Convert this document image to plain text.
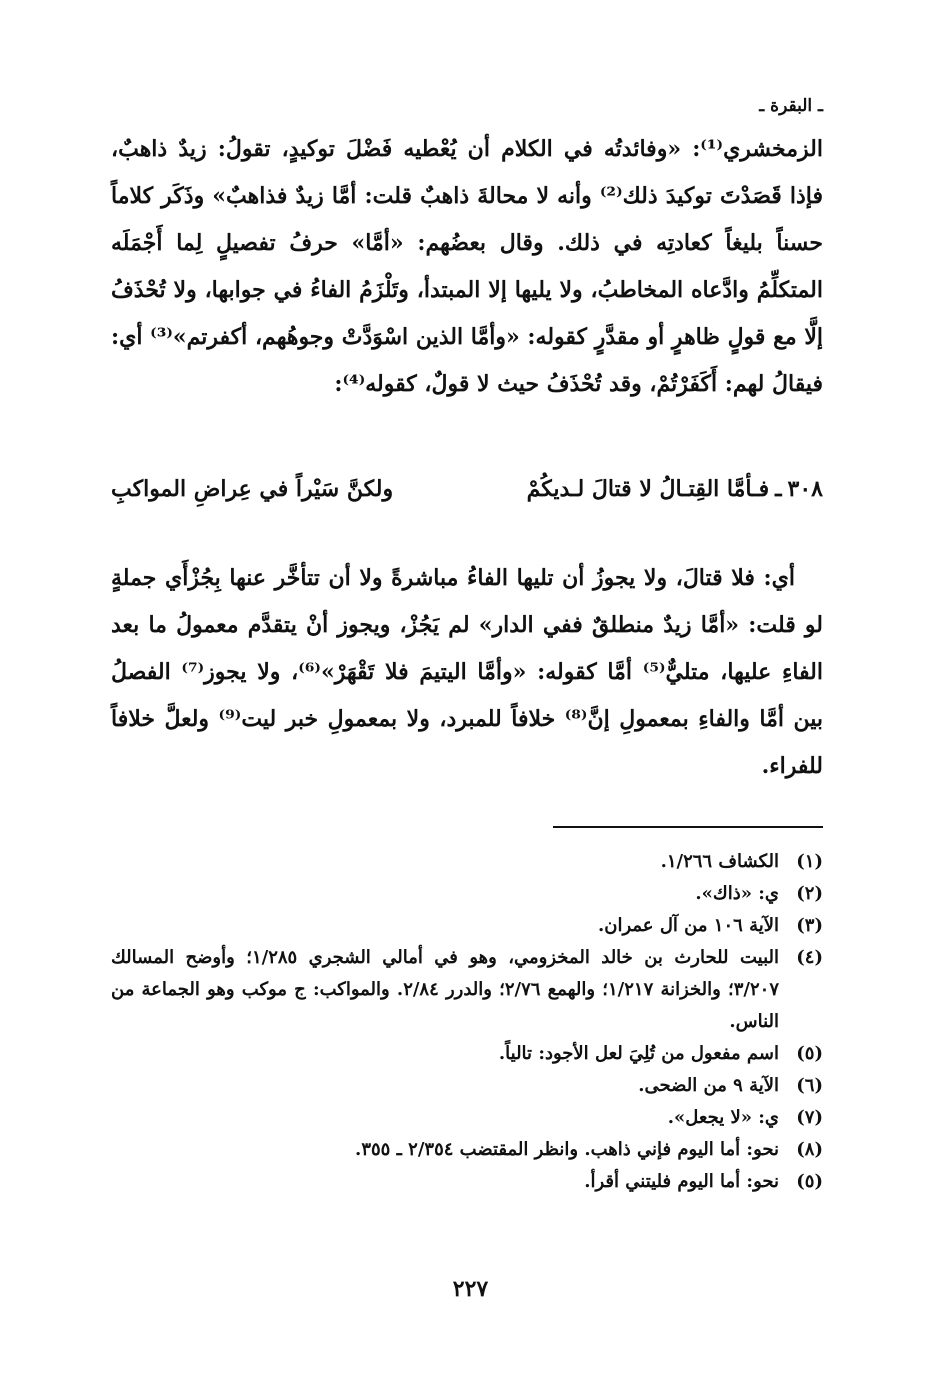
ـ البقرة ـ

الزمخشري⁽¹⁾: «وفائدتُه في الكلام أن يُعْطيه فَضْلَ توكيدٍ، تقولُ: زيدٌ ذاهبٌ، فإذا قَصَدْتَ توكيدَ ذلك⁽²⁾ وأنه لا محالةَ ذاهبٌ قلت: أمَّا زيدٌ فذاهبٌ» وذَكَر كلاماً حسناً بليغاً كعادتِه في ذلك. وقال بعضُهم: «أمَّا» حرفُ تفصيلٍ لِما أَجْمَلَه المتكلِّمُ وادَّعاه المخاطبُ، ولا يليها إلا المبتدأ، وتَلْزَمُ الفاءُ في جوابها، ولا تُحْذَفُ إلَّا مع قولٍ ظاهرٍ أو مقدَّرٍ كقوله: «وأمَّا الذين اسْوَدَّتْ وجوهُهم، أكفرتم»⁽³⁾ أي: فيقالُ لهم: أَكَفَرْتُمْ، وقد تُحْذَفُ حيث لا قولٌ، كقوله⁽⁴⁾:

٣٠٨
ـ
فـأمَّا القِتـالُ لا قتالَ لـديكُمْ
ولكنَّ سَيْراً في عِراضِ المواكبِ

أي: فلا قتالَ، ولا يجوزُ أن تليها الفاءُ مباشرةً ولا أن تتأخَّر عنها بِجُزْأَي جملةٍ لو قلت: «أمَّا زيدٌ منطلقٌ ففي الدار» لم يَجُزْ، ويجوز أنْ يتقدَّم معمولُ ما بعد الفاءِ عليها، متليٌّ⁽⁵⁾ أمَّا كقوله: «وأمَّا اليتيمَ فلا تَقْهَرْ»⁽⁶⁾، ولا يجوز⁽⁷⁾ الفصلُ بين أمَّا والفاءِ بمعمولِ إنَّ⁽⁸⁾ خلافاً للمبرد، ولا بمعمولِ خبر ليت⁽⁹⁾ ولعلَّ خلافاً للفراء.

(١)
الكشاف ١/٢٦٦.
(٢)
ي: «ذاك».
(٣)
الآية ١٠٦ من آل عمران.
(٤)
البيت للحارث بن خالد المخزومي، وهو في أمالي الشجري ١/٢٨٥؛ وأوضح المسالك ٣/٢٠٧؛ والخزانة ١/٢١٧؛ والهمع ٢/٧٦؛ والدرر ٢/٨٤. والمواكب: ج موكب وهو الجماعة من الناس.
(٥)
اسم مفعول من تُلِيَ لعل الأجود: تالياً.
(٦)
الآية ٩ من الضحى.
(٧)
ي: «لا يجعل».
(٨)
نحو: أما اليوم فإني ذاهب. وانظر المقتضب ٢/٣٥٤ ـ ٣٥٥.
(٥)
نحو: أما اليوم فليتني أقرأ.
٢٢٧
